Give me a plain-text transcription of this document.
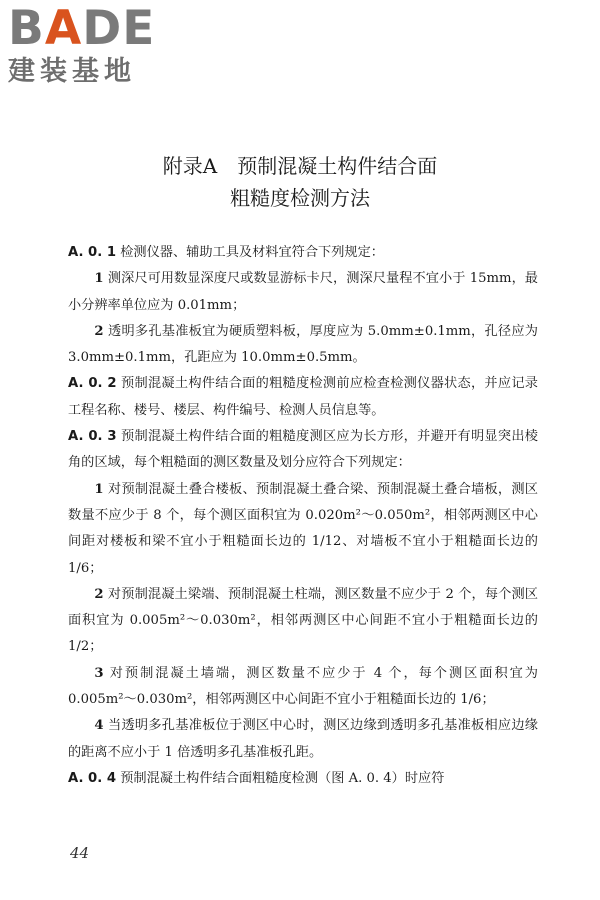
BADE
建装基地
附录A　预制混凝土构件结合面
粗糙度检测方法

A. 0. 1 检测仪器、辅助工具及材料宜符合下列规定：

1 测深尺可用数显深度尺或数显游标卡尺，测深尺量程不宜小于 15mm，最小分辨率单位应为 0.01mm；

2 透明多孔基准板宜为硬质塑料板，厚度应为 5.0mm±0.1mm，孔径应为 3.0mm±0.1mm，孔距应为 10.0mm±0.5mm。

A. 0. 2 预制混凝土构件结合面的粗糙度检测前应检查检测仪器状态，并应记录工程名称、楼号、楼层、构件编号、检测人员信息等。

A. 0. 3 预制混凝土构件结合面的粗糙度测区应为长方形，并避开有明显突出棱角的区域，每个粗糙面的测区数量及划分应符合下列规定：

1 对预制混凝土叠合楼板、预制混凝土叠合梁、预制混凝土叠合墙板，测区数量不应少于 8 个，每个测区面积宜为 0.020m²～0.050m²，相邻两测区中心间距对楼板和梁不宜小于粗糙面长边的 1/12、对墙板不宜小于粗糙面长边的 1/6；

2 对预制混凝土梁端、预制混凝土柱端，测区数量不应少于 2 个，每个测区面积宜为 0.005m²～0.030m²，相邻两测区中心间距不宜小于粗糙面长边的 1/2；

3 对预制混凝土墙端，测区数量不应少于 4 个，每个测区面积宜为 0.005m²～0.030m²，相邻两测区中心间距不宜小于粗糙面长边的 1/6；

4 当透明多孔基准板位于测区中心时，测区边缘到透明多孔基准板相应边缘的距离不应小于 1 倍透明多孔基准板孔距。

A. 0. 4 预制混凝土构件结合面粗糙度检测（图 A. 0. 4）时应符

44
